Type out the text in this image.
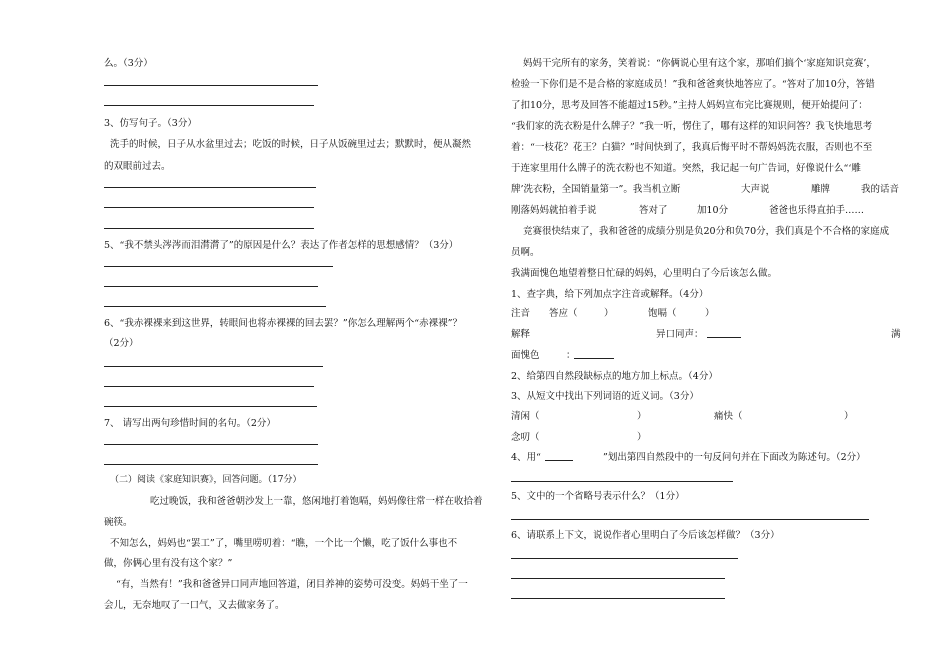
么。（3分）
3、仿写句子。（3分）
洗手的时候，日子从水盆里过去；吃饭的时候，日子从饭碗里过去；默默时，便从凝然
的双眼前过去。
5、“我不禁头涔涔而泪潸潸了”的原因是什么？表达了作者怎样的思想感情？（3分）
6、“我赤裸裸来到这世界，转眼间也将赤裸裸的回去罢？”你怎么理解两个“赤裸裸”？
（2分）
7、 请写出两句珍惜时间的名句。（2分）
（二）阅读《家庭知识赛》，回答问题。（17分）
吃过晚饭，我和爸爸朝沙发上一靠，悠闲地打着饱嗝，妈妈像往常一样在收拾着
碗筷。
不知怎么，妈妈也“罢工”了，嘴里唠叨着：“瞧，一个比一个懒，吃了饭什么事也不
做，你俩心里有没有这个家？”
“有，当然有！”我和爸爸异口同声地回答道，闭目养神的姿势可没变。妈妈干坐了一
会儿，无奈地叹了一口气，又去做家务了。
妈妈干完所有的家务，笑着说：“你俩说心里有这个家，那咱们搞个‘家庭知识竞赛’，
检验一下你们是不是合格的家庭成员！”我和爸爸爽快地答应了。“答对了加10分，答错
了扣10分，思考及回答不能超过15秒。”主持人妈妈宣布完比赛规则，便开始提问了：
“我们家的洗衣粉是什么牌子？”我一听，愣住了，哪有这样的知识问答？我飞快地思考
着：“一枝花？花王？白猫？”时间快到了，我真后悔平时不帮妈妈洗衣服，否则也不至
于连家里用什么牌子的洗衣粉也不知道。突然，我记起一句广告词，好像说什么“‘雕
牌’洗衣粉，全国销量第一”。我当机立断	大声说	雕牌	我的话音
刚落妈妈就拍着手说	答对了	加10分	爸爸也乐得直拍手……
竞赛很快结束了，我和爸爸的成绩分别是负20分和负70分，我们真是个不合格的家庭成
员啊。
我满面愧色地望着整日忙碌的妈妈，心里明白了今后该怎么做。
1、查字典，给下列加点字注音或解释。（4分）
注音 答应（	）	饱嗝（	）
解释	异口同声：	满
面愧色	：
2、给第四自然段缺标点的地方加上标点。（4分）
3、从短文中找出下列词语的近义词。（3分）
清闲（	）	痛快（	）
念叨（	）
4、用“	”划出第四自然段中的一句反问句并在下面改为陈述句。（2分）
5、文中的一个省略号表示什么？（1分）
6、请联系上下文，说说作者心里明白了今后该怎样做？（3分）
